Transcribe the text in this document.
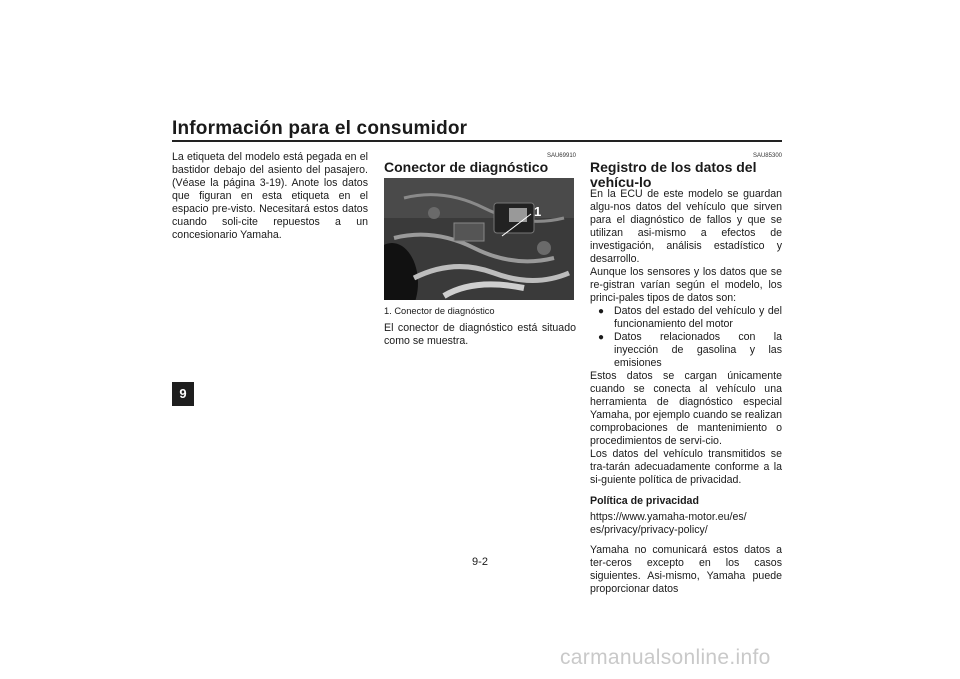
Información para el consumidor
9
La etiqueta del modelo está pegada en el bastidor debajo del asiento del pasajero. (Véase la página 3-19). Anote los datos que figuran en esta etiqueta en el espacio pre-visto. Necesitará estos datos cuando soli-cite repuestos a un concesionario Yamaha.
SAU69910
Conector de diagnóstico
1
1. Conector de diagnóstico
El conector de diagnóstico está situado como se muestra.
SAU85300
Registro de los datos del vehícu-lo
En la ECU de este modelo se guardan algu-nos datos del vehículo que sirven para el diagnóstico de fallos y que se utilizan asi-mismo a efectos de investigación, análisis estadístico y desarrollo.
Aunque los sensores y los datos que se re-gistran varían según el modelo, los princi-pales tipos de datos son:
● Datos del estado del vehículo y del funcionamiento del motor
● Datos relacionados con la inyección de gasolina y las emisiones
Estos datos se cargan únicamente cuando se conecta al vehículo una herramienta de diagnóstico especial Yamaha, por ejemplo cuando se realizan comprobaciones de mantenimiento o procedimientos de servi-cio.
Los datos del vehículo transmitidos se tra-tarán adecuadamente conforme a la si-guiente política de privacidad.
Política de privacidad
https://www.yamaha-motor.eu/es/
es/privacy/privacy-policy/
Yamaha no comunicará estos datos a ter-ceros excepto en los casos siguientes. Asi-mismo, Yamaha puede proporcionar datos
9-2
carmanualsonline.info
